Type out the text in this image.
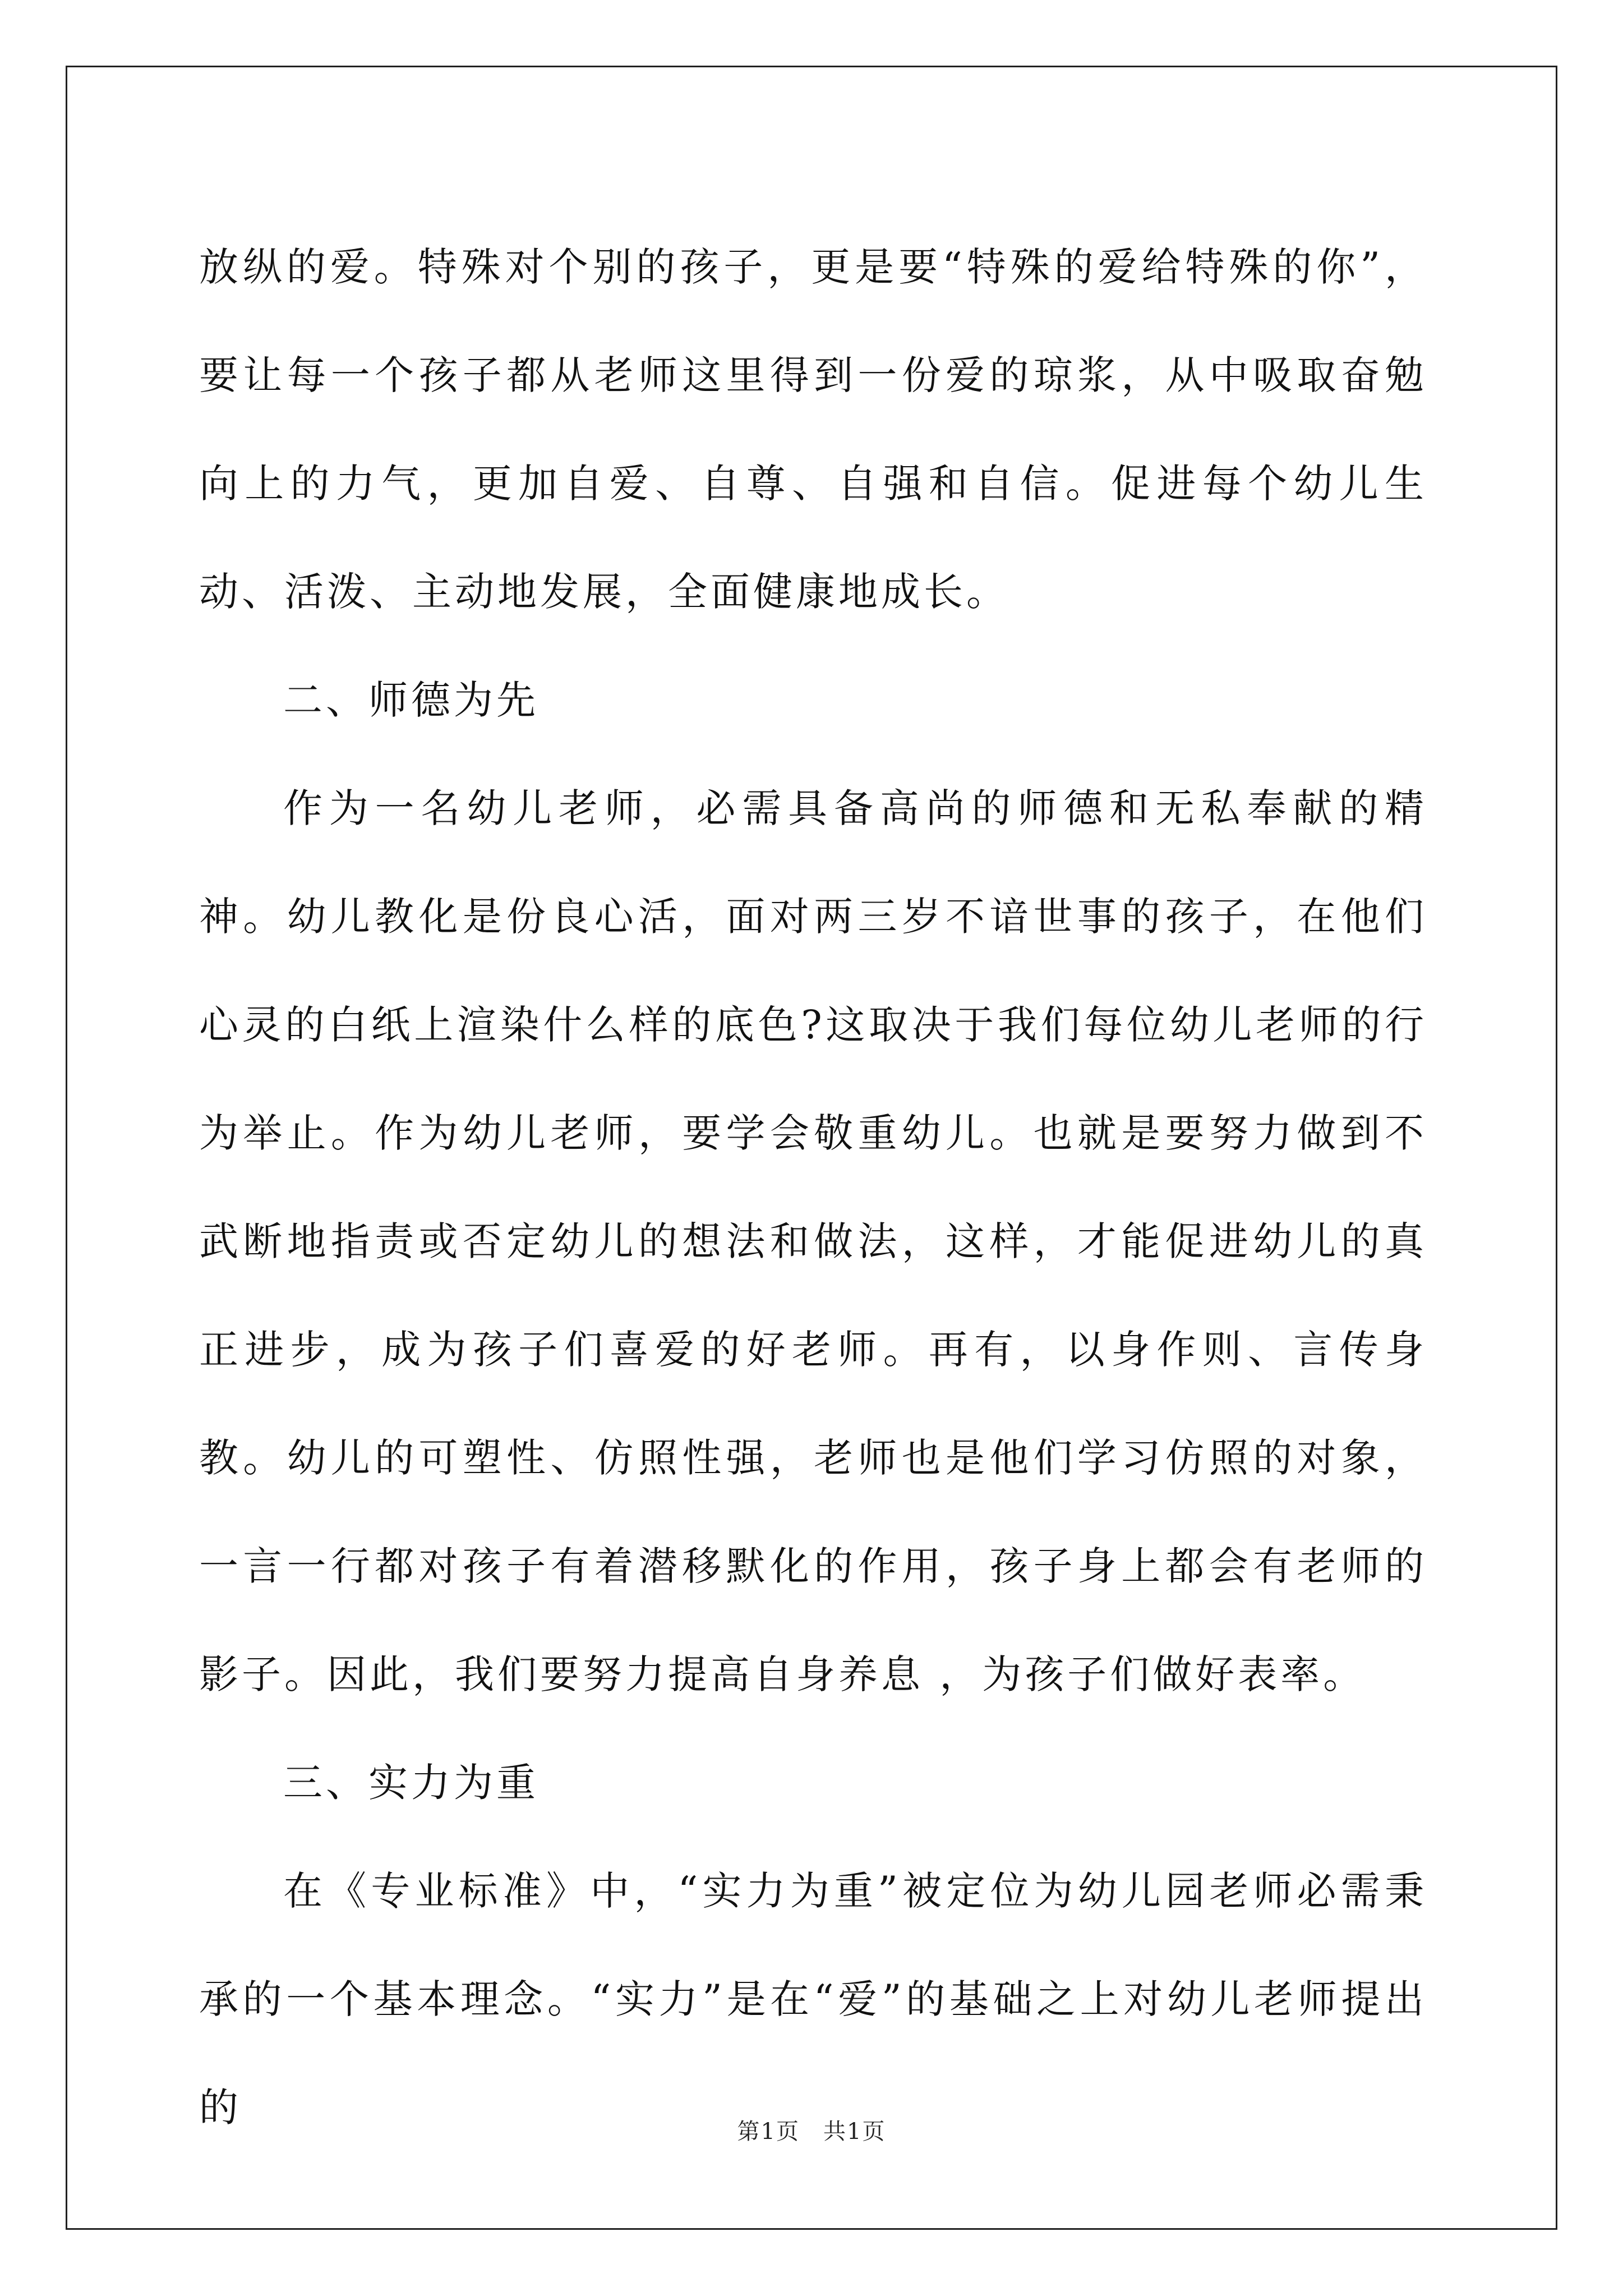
放纵的爱。特殊对个别的孩子，更是要“特殊的爱给特殊的你”，要让每一个孩子都从老师这里得到一份爱的琼浆，从中吸取奋勉向上的力气，更加自爱、自尊、自强和自信。促进每个幼儿生动、活泼、主动地发展，全面健康地成长。

二、师德为先

作为一名幼儿老师，必需具备高尚的师德和无私奉献的精神。幼儿教化是份良心活，面对两三岁不谙世事的孩子，在他们心灵的白纸上渲染什么样的底色?这取决于我们每位幼儿老师的行为举止。作为幼儿老师，要学会敬重幼儿。也就是要努力做到不武断地指责或否定幼儿的想法和做法，这样，才能促进幼儿的真正进步，成为孩子们喜爱的好老师。再有，以身作则、言传身教。幼儿的可塑性、仿照性强，老师也是他们学习仿照的对象，一言一行都对孩子有着潜移默化的作用，孩子身上都会有老师的影子。因此，我们要努力提高自身养息 ，为孩子们做好表率。

三、实力为重

在《专业标准》中，“实力为重”被定位为幼儿园老师必需秉承的一个基本理念。“实力”是在“爱”的基础之上对幼儿老师提出的

第1页　共1页
